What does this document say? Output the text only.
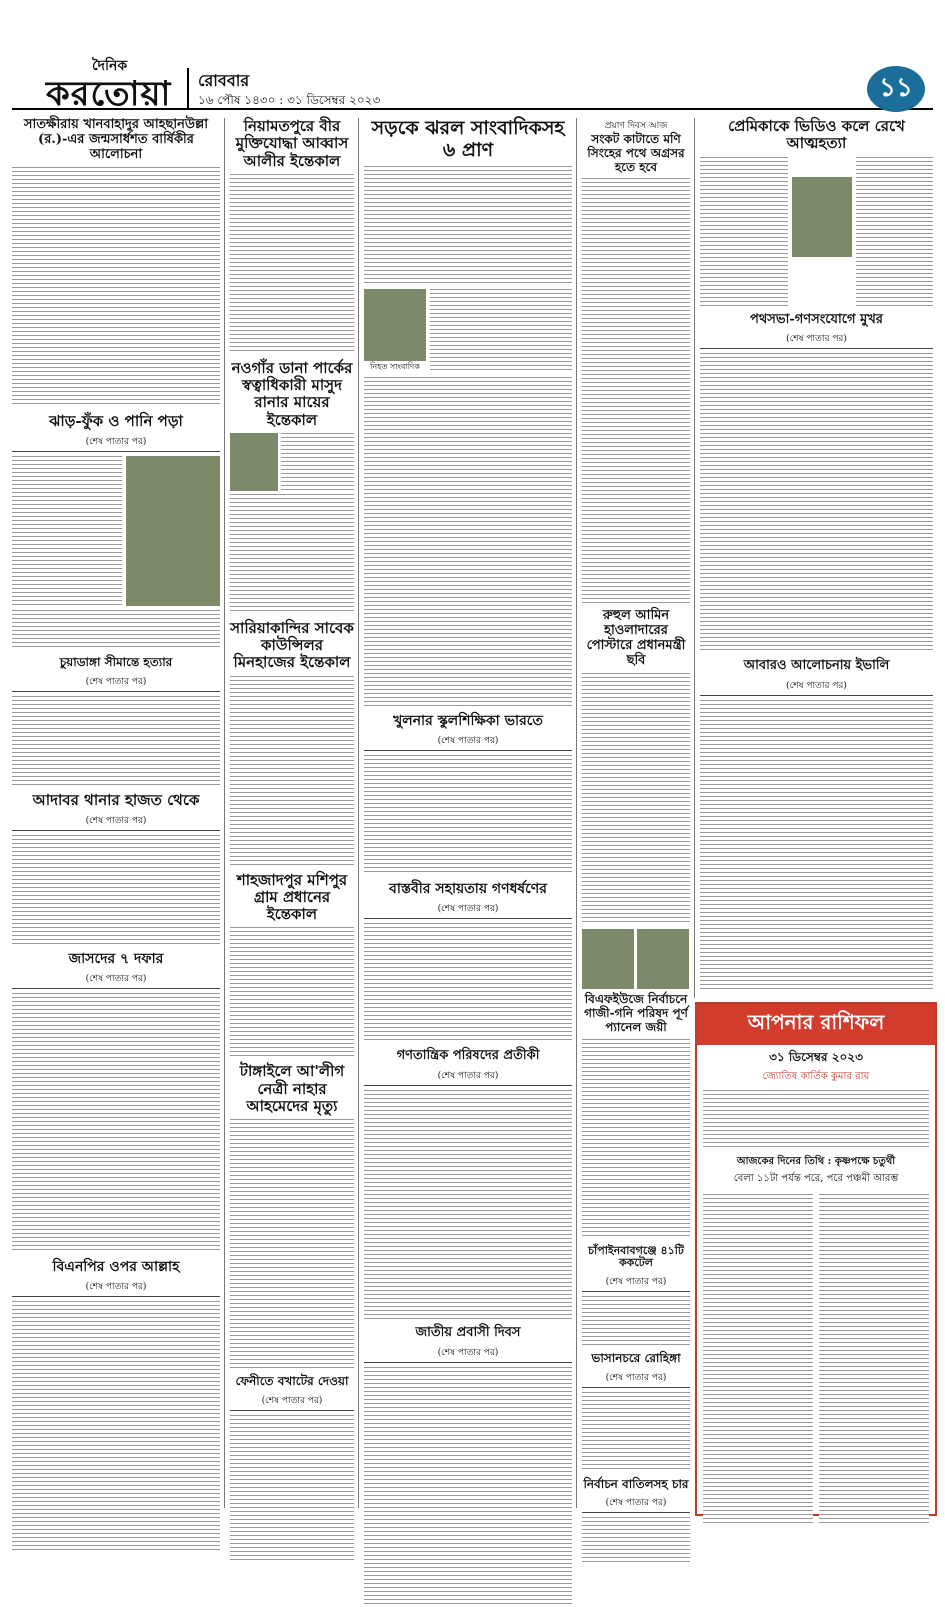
দৈনিক
করতোয়া রোববার
১৬ পৌষ ১৪৩০ : ৩১ ডিসেম্বর ২০২৩	১১
সাতক্ষীরায় খানবাহাদুর আহছানউল্লা (র.)-এর জন্মসার্ধশত বার্ষিকীর আলোচনা
ঝাড়-ফুঁক ও পানি পড়া
(শেষ পাতার পর)
চুয়াডাঙ্গা সীমান্তে হত্যার
(শেষ পাতার পর)
আদাবর থানার হাজত থেকে
(শেষ পাতার পর)
জাসদের ৭ দফার
(শেষ পাতার পর)
বিএনপির ওপর আল্লাহ
(শেষ পাতার পর)
নিয়ামতপুরে বীর মুক্তিযোদ্ধা আব্বাস আলীর ইন্তেকাল
নওগাঁর ডানা পার্কের স্বত্বাধিকারী মাসুদ রানার মায়ের ইন্তেকাল
সারিয়াকান্দির সাবেক কাউন্সিলর মিনহাজের ইন্তেকাল
শাহজাদপুর মশিপুর গ্রাম প্রধানের ইন্তেকাল
টাঙ্গাইলে আ'লীগ নেত্রী নাহার আহমেদের মৃত্যু
ফেনীতে বখাটের দেওয়া
(শেষ পাতার পর)
সড়কে ঝরল সাংবাদিকসহ ৬ প্রাণ
নিহত সাংবাদিক
খুলনার স্কুলশিক্ষিকা ভারতে
(শেষ পাতার পর)
বাস্তবীর সহায়তায় গণধর্ষণের
(শেষ পাতার পর)
গণতান্ত্রিক পরিষদের প্রতীকী
(শেষ পাতার পর)
জাতীয় প্রবাসী দিবস
(শেষ পাতার পর)
প্রয়াণ দিবস আজ
সংকট কাটাতে মণি সিংহের পথে অগ্রসর হতে হবে
রুহুল আমিন হাওলাদারের পোস্টারে প্রধানমন্ত্রী ছবি
বিএফইউজে নির্বাচনে গাজী-গনি পরিষদ পূর্ণ প্যানেল জয়ী
চাঁপাইনবাবগঞ্জে ৪১টি ককটেল
(শেষ পাতার পর)
ভাসানচরে রোহিঙ্গা
(শেষ পাতার পর)
নির্বাচন বাতিলসহ চার
(শেষ পাতার পর)
প্রেমিকাকে ভিডিও কলে রেখে আত্মহত্যা
পথসভা-গণসংযোগে মুখর
(শেষ পাতার পর)
আবারও আলোচনায় ইভালি
(শেষ পাতার পর)
আপনার রাশিফল
৩১ ডিসেম্বর ২০২৩
জ্যোতিষ কার্তিক কুমার রায়
আজকের দিনের তিথি : কৃষ্ণপক্ষে চতুর্থী
বেলা ১১টা পর্যন্ত পরে, পরে পঞ্চমী আরম্ভ
